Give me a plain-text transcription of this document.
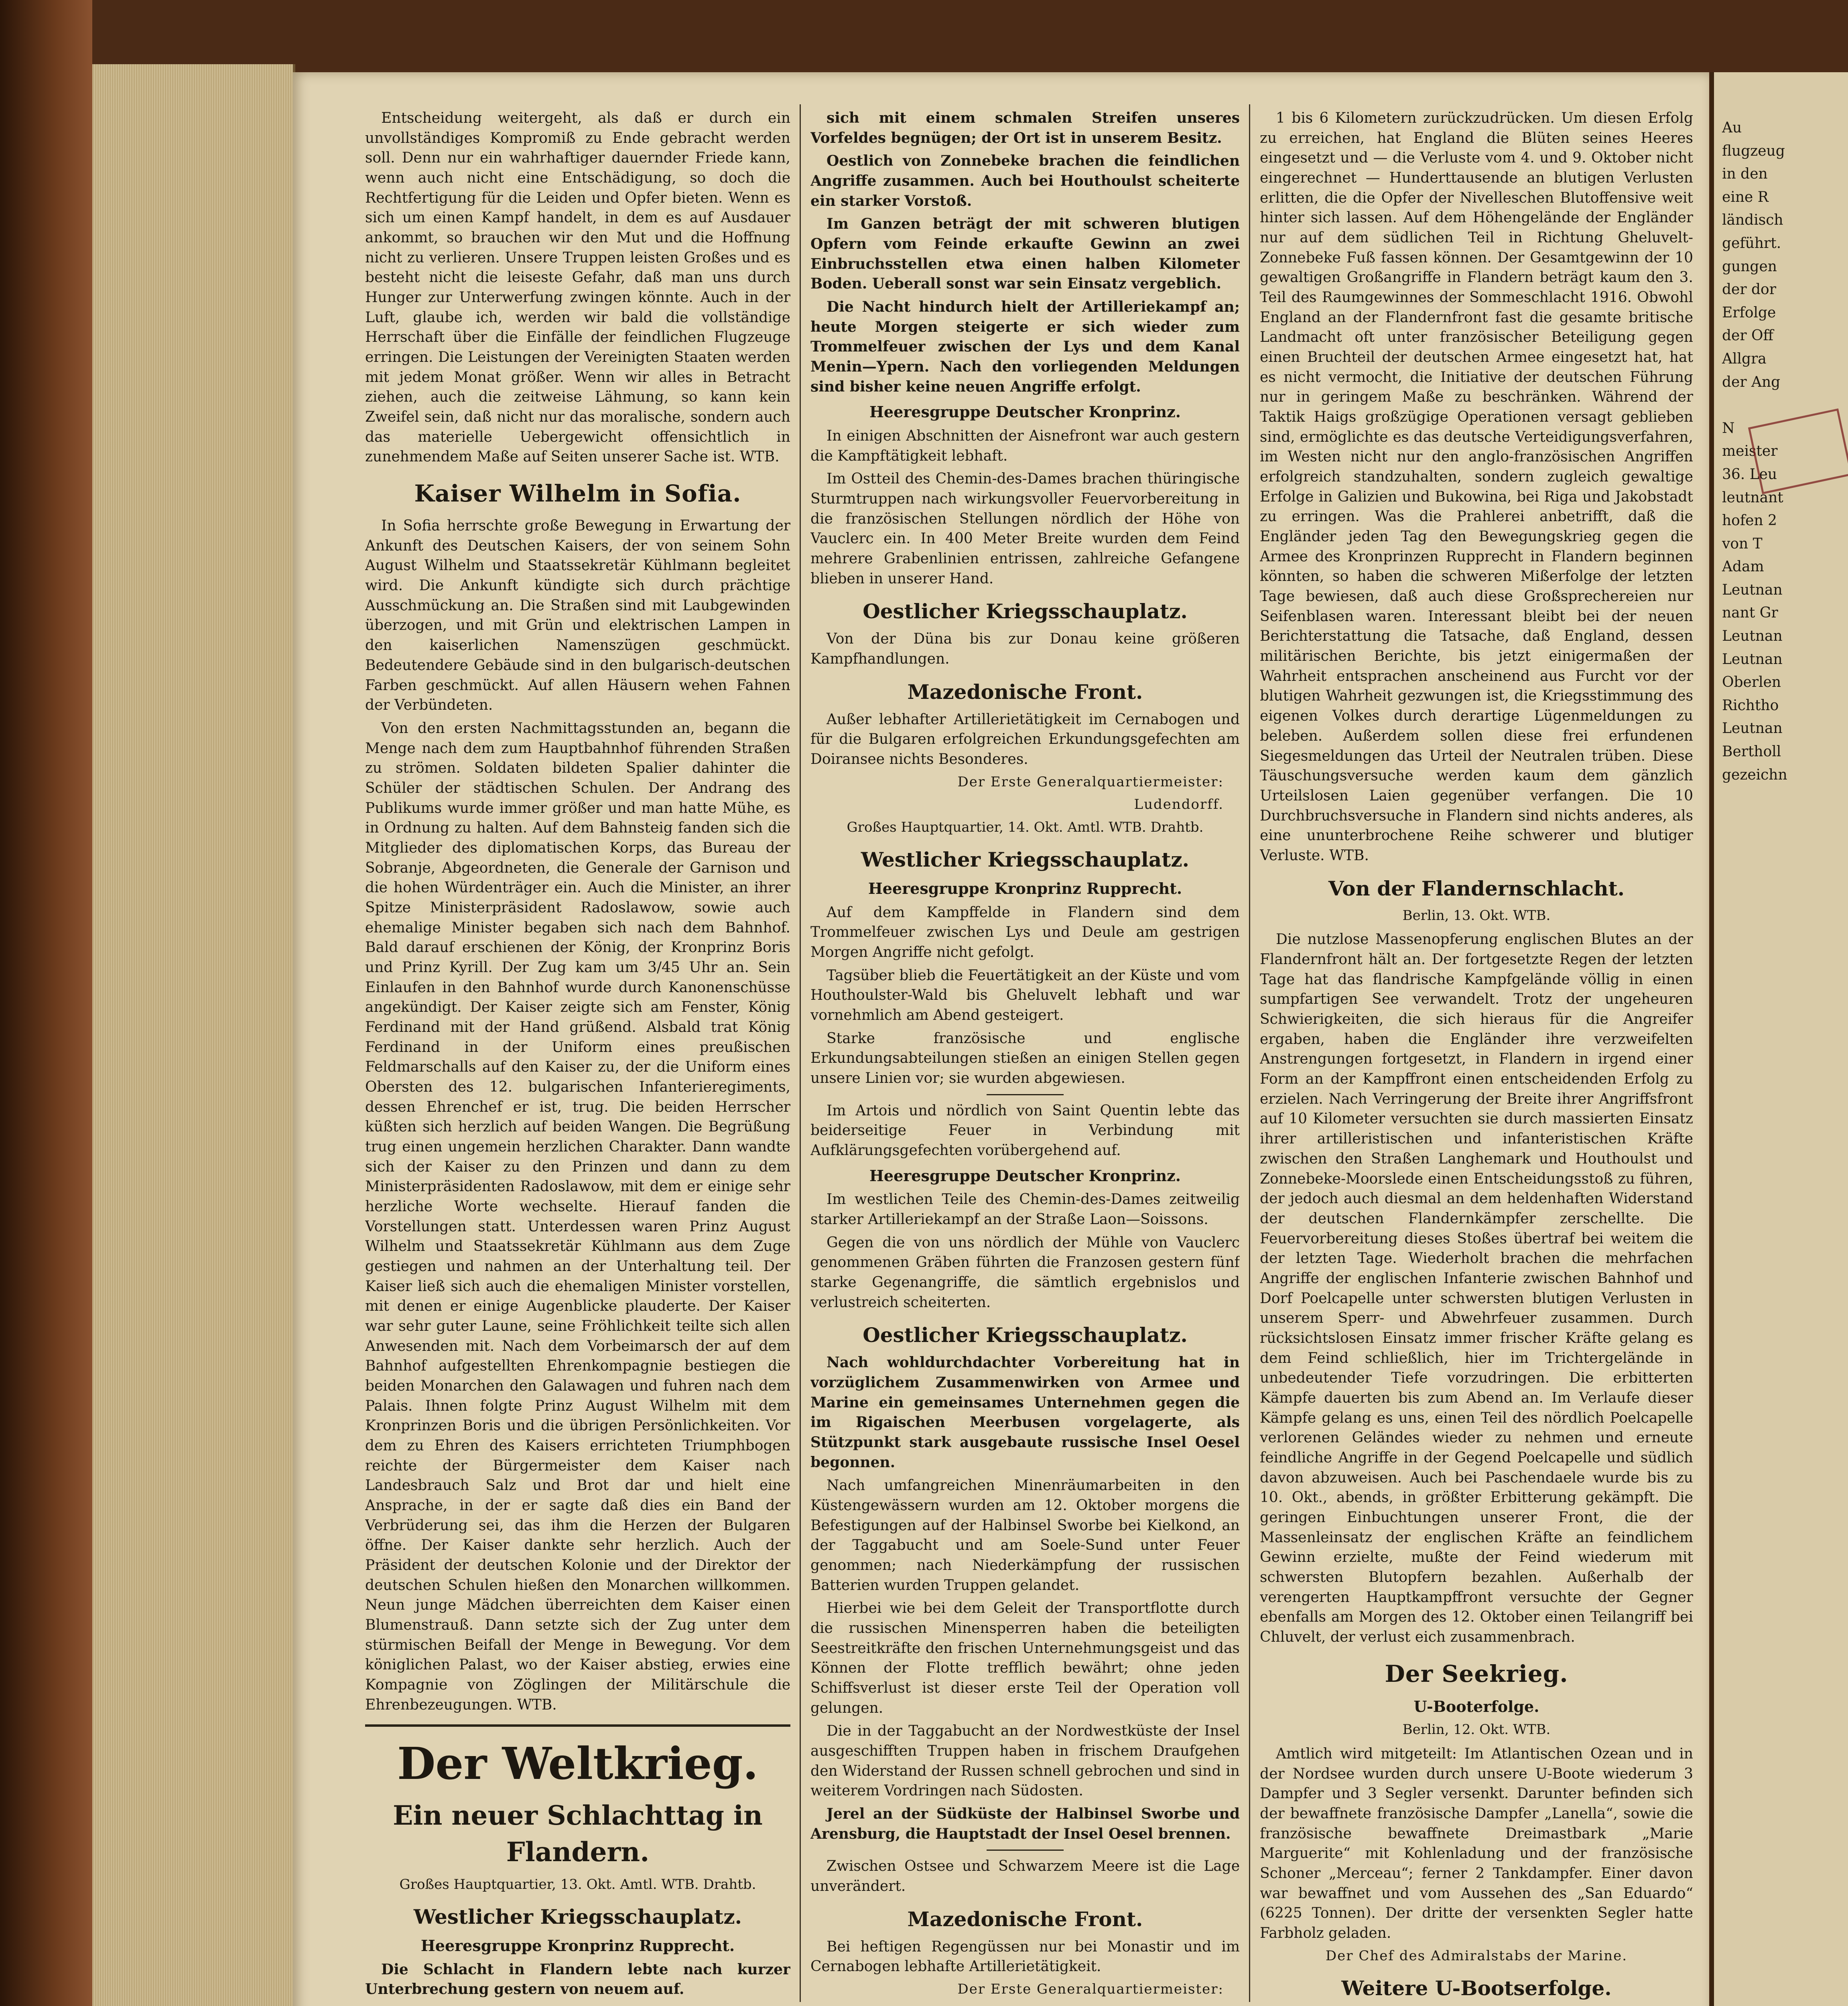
Entscheidung weitergeht, als daß er durch ein unvollständiges Kompromiß zu Ende gebracht werden soll. Denn nur ein wahrhaftiger dauernder Friede kann, wenn auch nicht eine Entschädigung, so doch die Rechtfertigung für die Leiden und Opfer bieten. Wenn es sich um einen Kampf handelt, in dem es auf Ausdauer ankommt, so brauchen wir den Mut und die Hoffnung nicht zu verlieren. Unsere Truppen leisten Großes und es besteht nicht die leiseste Gefahr, daß man uns durch Hunger zur Unterwerfung zwingen könnte. Auch in der Luft, glaube ich, werden wir bald die vollständige Herrschaft über die Einfälle der feindlichen Flugzeuge erringen. Die Leistungen der Vereinigten Staaten werden mit jedem Monat größer. Wenn wir alles in Betracht ziehen, auch die zeitweise Lähmung, so kann kein Zweifel sein, daß nicht nur das moralische, sondern auch das materielle Uebergewicht offensichtlich in zunehmendem Maße auf Seiten unserer Sache ist. WTB.

Kaiser Wilhelm in Sofia.

In Sofia herrschte große Bewegung in Erwartung der Ankunft des Deutschen Kaisers, der von seinem Sohn August Wilhelm und Staatssekretär Kühlmann begleitet wird. Die Ankunft kündigte sich durch prächtige Ausschmückung an. Die Straßen sind mit Laubgewinden überzogen, und mit Grün und elektrischen Lampen in den kaiserlichen Namenszügen geschmückt. Bedeutendere Gebäude sind in den bulgarisch-deutschen Farben geschmückt. Auf allen Häusern wehen Fahnen der Verbündeten.

Von den ersten Nachmittagsstunden an, begann die Menge nach dem zum Hauptbahnhof führenden Straßen zu strömen. Soldaten bildeten Spalier dahinter die Schüler der städtischen Schulen. Der Andrang des Publikums wurde immer größer und man hatte Mühe, es in Ordnung zu halten. Auf dem Bahnsteig fanden sich die Mitglieder des diplomatischen Korps, das Bureau der Sobranje, Abgeordneten, die Generale der Garnison und die hohen Würdenträger ein. Auch die Minister, an ihrer Spitze Ministerpräsident Radoslawow, sowie auch ehemalige Minister begaben sich nach dem Bahnhof. Bald darauf erschienen der König, der Kronprinz Boris und Prinz Kyrill. Der Zug kam um 3/45 Uhr an. Sein Einlaufen in den Bahnhof wurde durch Kanonenschüsse angekündigt. Der Kaiser zeigte sich am Fenster, König Ferdinand mit der Hand grüßend. Alsbald trat König Ferdinand in der Uniform eines preußischen Feldmarschalls auf den Kaiser zu, der die Uniform eines Obersten des 12. bulgarischen Infanterieregiments, dessen Ehrenchef er ist, trug. Die beiden Herrscher küßten sich herzlich auf beiden Wangen. Die Begrüßung trug einen ungemein herzlichen Charakter. Dann wandte sich der Kaiser zu den Prinzen und dann zu dem Ministerpräsidenten Radoslawow, mit dem er einige sehr herzliche Worte wechselte. Hierauf fanden die Vorstellungen statt. Unterdessen waren Prinz August Wilhelm und Staatssekretär Kühlmann aus dem Zuge gestiegen und nahmen an der Unterhaltung teil. Der Kaiser ließ sich auch die ehemaligen Minister vorstellen, mit denen er einige Augenblicke plauderte. Der Kaiser war sehr guter Laune, seine Fröhlichkeit teilte sich allen Anwesenden mit. Nach dem Vorbeimarsch der auf dem Bahnhof aufgestellten Ehrenkompagnie bestiegen die beiden Monarchen den Galawagen und fuhren nach dem Palais. Ihnen folgte Prinz August Wilhelm mit dem Kronprinzen Boris und die übrigen Persönlichkeiten. Vor dem zu Ehren des Kaisers errichteten Triumphbogen reichte der Bürgermeister dem Kaiser nach Landesbrauch Salz und Brot dar und hielt eine Ansprache, in der er sagte daß dies ein Band der Verbrüderung sei, das ihm die Herzen der Bulgaren öffne. Der Kaiser dankte sehr herzlich. Auch der Präsident der deutschen Kolonie und der Direktor der deutschen Schulen hießen den Monarchen willkommen. Neun junge Mädchen überreichten dem Kaiser einen Blumenstrauß. Dann setzte sich der Zug unter dem stürmischen Beifall der Menge in Bewegung. Vor dem königlichen Palast, wo der Kaiser abstieg, erwies eine Kompagnie von Zöglingen der Militärschule die Ehrenbezeugungen. WTB.

Der Weltkrieg.
Ein neuer Schlachttag in Flandern.
Großes Hauptquartier, 13. Okt. Amtl. WTB. Drahtb.
Westlicher Kriegsschauplatz.
Heeresgruppe Kronprinz Rupprecht.

Die Schlacht in Flandern lebte nach kurzer Unterbrechung gestern von neuem auf.

sich mit einem schmalen Streifen unseres Vorfeldes begnügen; der Ort ist in unserem Besitz.

Oestlich von Zonnebeke brachen die feindlichen Angriffe zusammen. Auch bei Houthoulst scheiterte ein starker Vorstoß.

Im Ganzen beträgt der mit schweren blutigen Opfern vom Feinde erkaufte Gewinn an zwei Einbruchsstellen etwa einen halben Kilometer Boden. Ueberall sonst war sein Einsatz vergeblich.

Die Nacht hindurch hielt der Artilleriekampf an; heute Morgen steigerte er sich wieder zum Trommelfeuer zwischen der Lys und dem Kanal Menin—Ypern. Nach den vorliegenden Meldungen sind bisher keine neuen Angriffe erfolgt.

Heeresgruppe Deutscher Kronprinz.

In einigen Abschnitten der Aisnefront war auch gestern die Kampftätigkeit lebhaft.

Im Ostteil des Chemin-des-Dames brachen thüringische Sturmtruppen nach wirkungsvoller Feuervorbereitung in die französischen Stellungen nördlich der Höhe von Vauclerc ein. In 400 Meter Breite wurden dem Feind mehrere Grabenlinien entrissen, zahlreiche Gefangene blieben in unserer Hand.

Oestlicher Kriegsschauplatz.

Von der Düna bis zur Donau keine größeren Kampfhandlungen.

Mazedonische Front.

Außer lebhafter Artillerietätigkeit im Cernabogen und für die Bulgaren erfolgreichen Erkundungsgefechten am Doiransee nichts Besonderes.

Der Erste Generalquartiermeister:
Ludendorff.
Großes Hauptquartier, 14. Okt. Amtl. WTB. Drahtb.
Westlicher Kriegsschauplatz.
Heeresgruppe Kronprinz Rupprecht.

Auf dem Kampffelde in Flandern sind dem Trommelfeuer zwischen Lys und Deule am gestrigen Morgen Angriffe nicht gefolgt.

Tagsüber blieb die Feuertätigkeit an der Küste und vom Houthoulster-Wald bis Gheluvelt lebhaft und war vornehmlich am Abend gesteigert.

Starke französische und englische Erkundungsabteilungen stießen an einigen Stellen gegen unsere Linien vor; sie wurden abgewiesen.

Im Artois und nördlich von Saint Quentin lebte das beiderseitige Feuer in Verbindung mit Aufklärungsgefechten vorübergehend auf.

Heeresgruppe Deutscher Kronprinz.

Im westlichen Teile des Chemin-des-Dames zeitweilig starker Artilleriekampf an der Straße Laon—Soissons.

Gegen die von uns nördlich der Mühle von Vauclerc genommenen Gräben führten die Franzosen gestern fünf starke Gegenangriffe, die sämtlich ergebnislos und verlustreich scheiterten.

Oestlicher Kriegsschauplatz.

Nach wohldurchdachter Vorbereitung hat in vorzüglichem Zusammenwirken von Armee und Marine ein gemeinsames Unternehmen gegen die im Rigaischen Meerbusen vorgelagerte, als Stützpunkt stark ausgebaute russische Insel Oesel begonnen.

Nach umfangreichen Minenräumarbeiten in den Küstengewässern wurden am 12. Oktober morgens die Befestigungen auf der Halbinsel Sworbe bei Kielkond, an der Taggabucht und am Soele-Sund unter Feuer genommen; nach Niederkämpfung der russischen Batterien wurden Truppen gelandet.

Hierbei wie bei dem Geleit der Transportflotte durch die russischen Minensperren haben die beteiligten Seestreitkräfte den frischen Unternehmungsgeist und das Können der Flotte trefflich bewährt; ohne jeden Schiffsverlust ist dieser erste Teil der Operation voll gelungen.

Die in der Taggabucht an der Nordwestküste der Insel ausgeschifften Truppen haben in frischem Draufgehen den Widerstand der Russen schnell gebrochen und sind in weiterem Vordringen nach Südosten.

Jerel an der Südküste der Halbinsel Sworbe und Arensburg, die Hauptstadt der Insel Oesel brennen.

Zwischen Ostsee und Schwarzem Meere ist die Lage unverändert.

Mazedonische Front.

Bei heftigen Regengüssen nur bei Monastir und im Cernabogen lebhafte Artillerietätigkeit.

Der Erste Generalquartiermeister:

1 bis 6 Kilometern zurückzudrücken. Um diesen Erfolg zu erreichen, hat England die Blüten seines Heeres eingesetzt und — die Verluste vom 4. und 9. Oktober nicht eingerechnet — Hunderttausende an blutigen Verlusten erlitten, die die Opfer der Nivelleschen Blutoffensive weit hinter sich lassen. Auf dem Höhengelände der Engländer nur auf dem südlichen Teil in Richtung Gheluvelt-Zonnebeke Fuß fassen können. Der Gesamtgewinn der 10 gewaltigen Großangriffe in Flandern beträgt kaum den 3. Teil des Raumgewinnes der Sommeschlacht 1916. Obwohl England an der Flandernfront fast die gesamte britische Landmacht oft unter französischer Beteiligung gegen einen Bruchteil der deutschen Armee eingesetzt hat, hat es nicht vermocht, die Initiative der deutschen Führung nur in geringem Maße zu beschränken. Während der Taktik Haigs großzügige Operationen versagt geblieben sind, ermöglichte es das deutsche Verteidigungsverfahren, im Westen nicht nur den anglo-französischen Angriffen erfolgreich standzuhalten, sondern zugleich gewaltige Erfolge in Galizien und Bukowina, bei Riga und Jakobstadt zu erringen. Was die Prahlerei anbetrifft, daß die Engländer jeden Tag den Bewegungskrieg gegen die Armee des Kronprinzen Rupprecht in Flandern beginnen könnten, so haben die schweren Mißerfolge der letzten Tage bewiesen, daß auch diese Großsprechereien nur Seifenblasen waren. Interessant bleibt bei der neuen Berichterstattung die Tatsache, daß England, dessen militärischen Berichte, bis jetzt einigermaßen der Wahrheit entsprachen anscheinend aus Furcht vor der blutigen Wahrheit gezwungen ist, die Kriegsstimmung des eigenen Volkes durch derartige Lügenmeldungen zu beleben. Außerdem sollen diese frei erfundenen Siegesmeldungen das Urteil der Neutralen trüben. Diese Täuschungsversuche werden kaum dem gänzlich Urteilslosen Laien gegenüber verfangen. Die 10 Durchbruchsversuche in Flandern sind nichts anderes, als eine ununterbrochene Reihe schwerer und blutiger Verluste. WTB.

Von der Flandernschlacht.
Berlin, 13. Okt. WTB.

Die nutzlose Massenopferung englischen Blutes an der Flandernfront hält an. Der fortgesetzte Regen der letzten Tage hat das flandrische Kampfgelände völlig in einen sumpfartigen See verwandelt. Trotz der ungeheuren Schwierigkeiten, die sich hieraus für die Angreifer ergaben, haben die Engländer ihre verzweifelten Anstrengungen fortgesetzt, in Flandern in irgend einer Form an der Kampffront einen entscheidenden Erfolg zu erzielen. Nach Verringerung der Breite ihrer Angriffsfront auf 10 Kilometer versuchten sie durch massierten Einsatz ihrer artilleristischen und infanteristischen Kräfte zwischen den Straßen Langhemark und Houthoulst und Zonnebeke-Moorslede einen Entscheidungsstoß zu führen, der jedoch auch diesmal an dem heldenhaften Widerstand der deutschen Flandernkämpfer zerschellte. Die Feuervorbereitung dieses Stoßes übertraf bei weitem die der letzten Tage. Wiederholt brachen die mehrfachen Angriffe der englischen Infanterie zwischen Bahnhof und Dorf Poelcapelle unter schwersten blutigen Verlusten in unserem Sperr- und Abwehrfeuer zusammen. Durch rücksichtslosen Einsatz immer frischer Kräfte gelang es dem Feind schließlich, hier im Trichtergelände in unbedeutender Tiefe vorzudringen. Die erbitterten Kämpfe dauerten bis zum Abend an. Im Verlaufe dieser Kämpfe gelang es uns, einen Teil des nördlich Poelcapelle verlorenen Geländes wieder zu nehmen und erneute feindliche Angriffe in der Gegend Poelcapelle und südlich davon abzuweisen. Auch bei Paschendaele wurde bis zu 10. Okt., abends, in größter Erbitterung gekämpft. Die geringen Einbuchtungen unserer Front, die der Massenleinsatz der englischen Kräfte an feindlichem Gewinn erzielte, mußte der Feind wiederum mit schwersten Blutopfern bezahlen. Außerhalb der verengerten Hauptkampffront versuchte der Gegner ebenfalls am Morgen des 12. Oktober einen Teilangriff bei Chluvelt, der verlust eich zusammenbrach.

Der Seekrieg.
U-Booterfolge.
Berlin, 12. Okt. WTB.

Amtlich wird mitgeteilt: Im Atlantischen Ozean und in der Nordsee wurden durch unsere U-Boote wiederum 3 Dampfer und 3 Segler versenkt. Darunter befinden sich der bewaffnete französische Dampfer „Lanella“, sowie die französische bewaffnete Dreimastbark „Marie Marguerite“ mit Kohlenladung und der französische Schoner „Merceau“; ferner 2 Tankdampfer. Einer davon war bewaffnet und vom Aussehen des „San Eduardo“ (6225 Tonnen). Der dritte der versenkten Segler hatte Farbholz geladen.

Der Chef des Admiralstabs der Marine.
Weitere U-Bootserfolge.

Au
flugzeug
in den
eine R
ländisch
geführt.
gungen
der dor
Erfolge
der Off
Allgra
der Ang

N
meister
36. Leu
leutnant
hofen 2
von T
Adam
Leutnan
nant Gr
Leutnan
Leutnan
Oberlen
Richtho
Leutnan
Bertholl
gezeichn
